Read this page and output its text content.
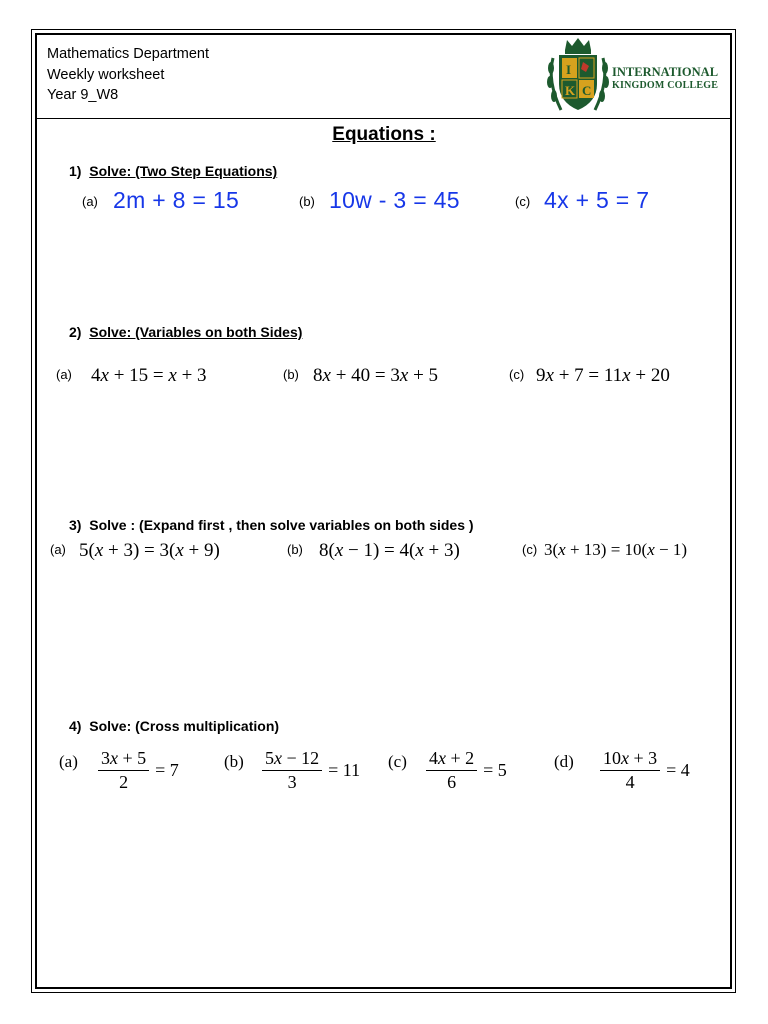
Mathematics Department
Weekly worksheet
Year 9_W8
I
K C
INTERNATIONAL
KINGDOM COLLEGE
Equations :
1) Solve: (Two Step Equations)
(a) 2m + 8 = 15	(b) 10w - 3 = 45	(c) 4x + 5 = 7
2) Solve: (Variables on both Sides)
(a) 4x + 15 = x + 3	(b) 8x + 40 = 3x + 5	(c) 9x + 7 = 11x + 20
3) Solve : (Expand first , then solve variables on both sides )
(a) 5(x + 3) = 3(x + 9)	(b) 8(x − 1) = 4(x + 3)	(c) 3(x + 13) = 10(x − 1)
4) Solve: (Cross multiplication)
$(a) \frac{3x + 5}{2} = 7$	$(b) \frac{5x - 12}{3} = 11$ $(c) \frac{4x + 2}{6} = 5$	$(d) \frac{10x + 3}{4} = 4$
